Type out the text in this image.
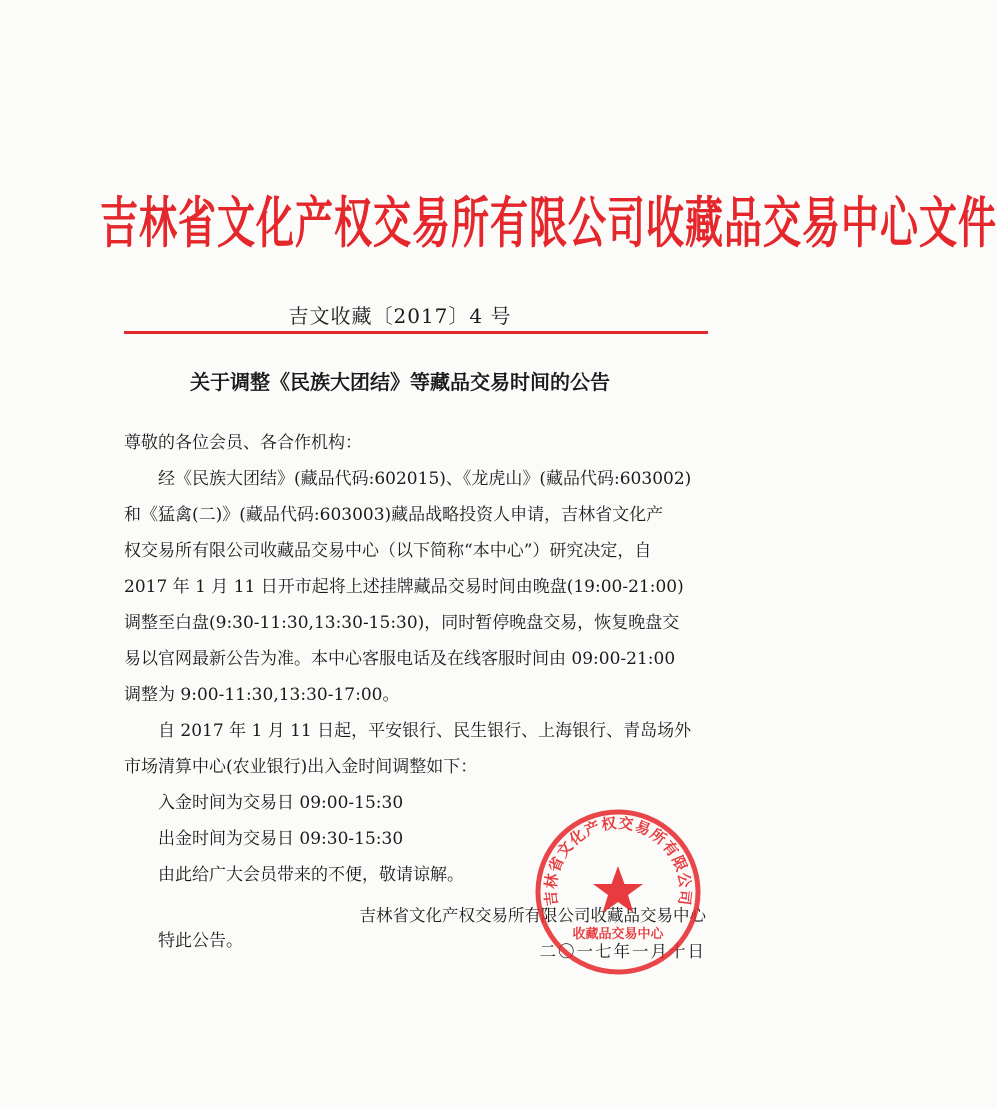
吉林省文化产权交易所有限公司收藏品交易中心文件
吉文收藏〔2017〕4 号
关于调整《民族大团结》等藏品交易时间的公告
尊敬的各位会员、各合作机构：
经《民族大团结》(藏品代码:602015)、《龙虎山》(藏品代码:603002)
和《猛禽(二)》(藏品代码:603003)藏品战略投资人申请，吉林省文化产
权交易所有限公司收藏品交易中心（以下简称“本中心”）研究决定，自
2017 年 1 月 11 日开市起将上述挂牌藏品交易时间由晚盘(19:00-21:00)
调整至白盘(9:30-11:30,13:30-15:30)，同时暂停晚盘交易，恢复晚盘交
易以官网最新公告为准。本中心客服电话及在线客服时间由 09:00-21:00
调整为 9:00-11:30,13:30-17:00。
自 2017 年 1 月 11 日起，平安银行、民生银行、上海银行、青岛场外
市场清算中心(农业银行)出入金时间调整如下：
入金时间为交易日 09:00-15:30
出金时间为交易日 09:30-15:30
由此给广大会员带来的不便，敬请谅解。
特此公告。
吉林省文化产权交易所有限公司收藏品交易中心
二〇一七年一月十日
吉林省文化产权交易所有限公司
收藏品交易中心
